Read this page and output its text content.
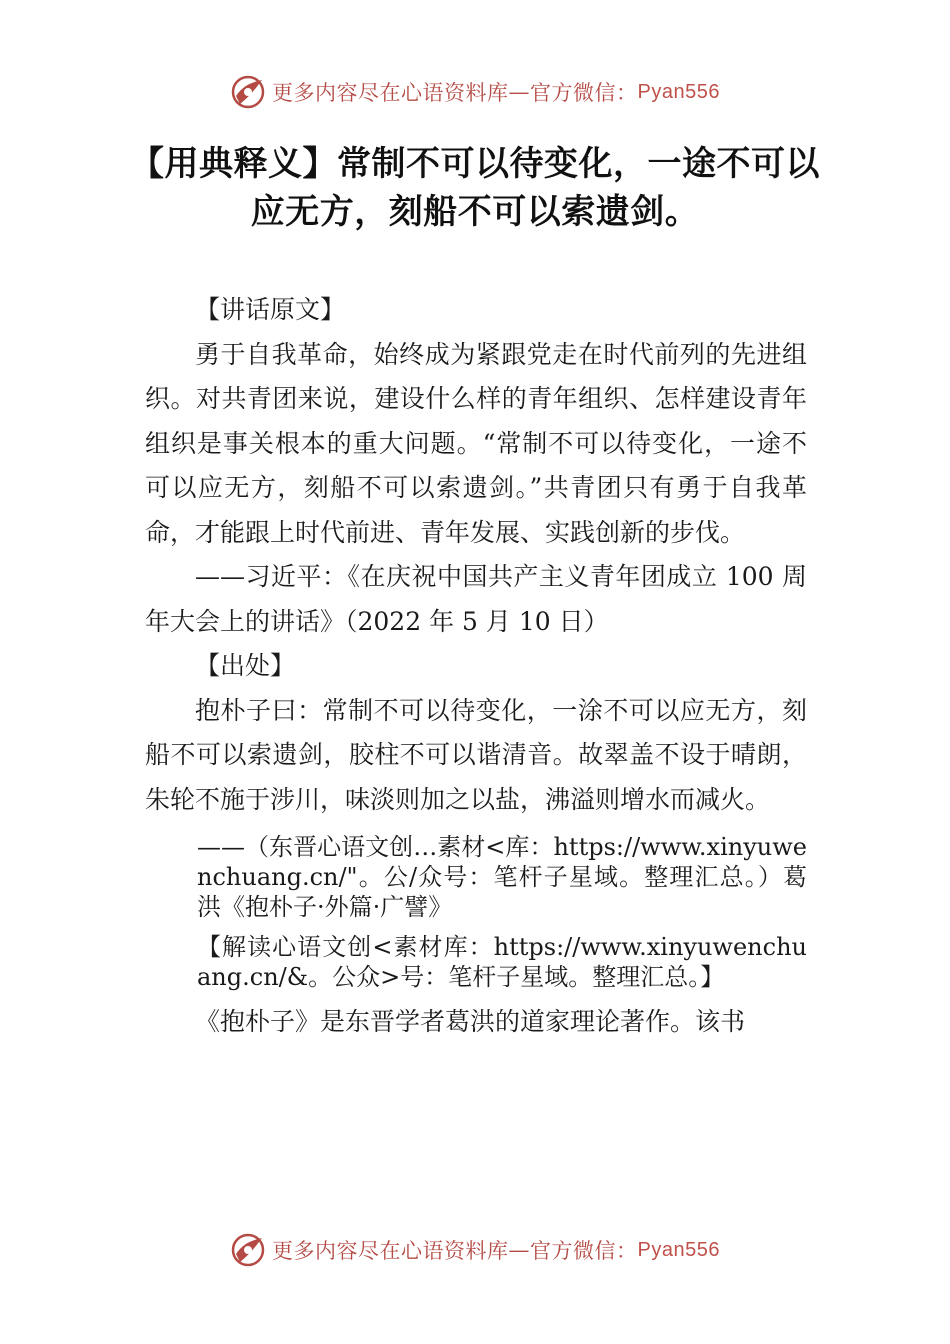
更多内容尽在心语资料库 — 官方微信： Pyan556
【用典释义】常制不可以待变化，一途不可以应无方，刻船不可以索遗剑。

【讲话原文】

勇于自我革命，始终成为紧跟党走在时代前列的先进组织。对共青团来说，建设什么样的青年组织、怎样建设青年组织是事关根本的重大问题。“常制不可以待变化，一途不可以应无方，刻船不可以索遗剑。”共青团只有勇于自我革命，才能跟上时代前进、青年发展、实践创新的步伐。

——习近平：《在庆祝中国共产主义青年团成立 100 周年大会上的讲话》（2022 年 5 月 10 日）

【出处】

抱朴子曰：常制不可以待变化，一涂不可以应无方，刻船不可以索遗剑，胶柱不可以谐清音。故翠盖不设于晴朗，朱轮不施于涉川，味淡则加之以盐，沸溢则增水而减火。

——（东晋心语文创…素材<库：https://www.xinyuwenchuang.cn/"。公/众号：笔杆子星域。整理汇总。）葛洪《抱朴子·外篇·广譬》

【解读心语文创<素材库：https://www.xinyuwenchuang.cn/&。公众>号：笔杆子星域。整理汇总。】

《抱朴子》是东晋学者葛洪的道家理论著作。该书

更多内容尽在心语资料库 — 官方微信： Pyan556
